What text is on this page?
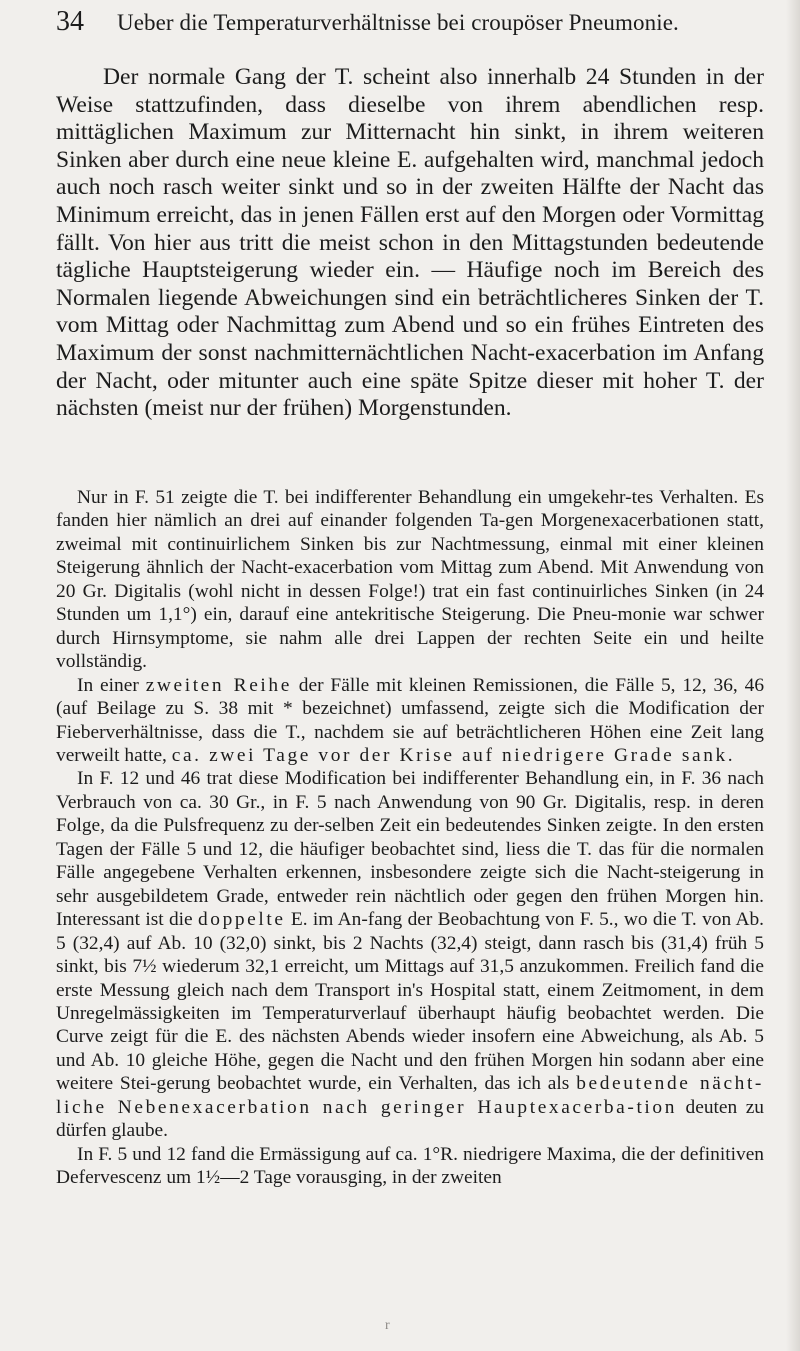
34 Ueber die Temperaturverhältnisse bei croupöser Pneumonie.

Der normale Gang der T. scheint also innerhalb 24 Stunden in der Weise stattzufinden, dass dieselbe von ihrem abendlichen resp. mittäglichen Maximum zur Mitternacht hin sinkt, in ihrem weiteren Sinken aber durch eine neue kleine E. aufgehalten wird, manchmal jedoch auch noch rasch weiter sinkt und so in der zweiten Hälfte der Nacht das Minimum erreicht, das in jenen Fällen erst auf den Morgen oder Vormittag fällt. Von hier aus tritt die meist schon in den Mittagstunden bedeutende tägliche Hauptsteigerung wieder ein. — Häufige noch im Bereich des Normalen liegende Abweichungen sind ein beträchtlicheres Sinken der T. vom Mittag oder Nachmittag zum Abend und so ein frühes Eintreten des Maximum der sonst nachmitternächtlichen Nacht-exacerbation im Anfang der Nacht, oder mitunter auch eine späte Spitze dieser mit hoher T. der nächsten (meist nur der frühen) Morgenstunden.

Nur in F. 51 zeigte die T. bei indifferenter Behandlung ein umgekehr-tes Verhalten. Es fanden hier nämlich an drei auf einander folgenden Ta-gen Morgenexacerbationen statt, zweimal mit continuirlichem Sinken bis zur Nachtmessung, einmal mit einer kleinen Steigerung ähnlich der Nacht-exacerbation vom Mittag zum Abend. Mit Anwendung von 20 Gr. Digitalis (wohl nicht in dessen Folge!) trat ein fast continuirliches Sinken (in 24 Stunden um 1,1°) ein, darauf eine antekritische Steigerung. Die Pneu-monie war schwer durch Hirnsymptome, sie nahm alle drei Lappen der rechten Seite ein und heilte vollständig.

In einer zweiten Reihe der Fälle mit kleinen Remissionen, die Fälle 5, 12, 36, 46 (auf Beilage zu S. 38 mit * bezeichnet) umfassend, zeigte sich die Modification der Fieberverhältnisse, dass die T., nachdem sie auf beträchtlicheren Höhen eine Zeit lang verweilt hatte, ca. zwei Tage vor der Krise auf niedrigere Grade sank.

In F. 12 und 46 trat diese Modification bei indifferenter Behandlung ein, in F. 36 nach Verbrauch von ca. 30 Gr., in F. 5 nach Anwendung von 90 Gr. Digitalis, resp. in deren Folge, da die Pulsfrequenz zu der-selben Zeit ein bedeutendes Sinken zeigte. In den ersten Tagen der Fälle 5 und 12, die häufiger beobachtet sind, liess die T. das für die normalen Fälle angegebene Verhalten erkennen, insbesondere zeigte sich die Nacht-steigerung in sehr ausgebildetem Grade, entweder rein nächtlich oder gegen den frühen Morgen hin. Interessant ist die doppelte E. im An-fang der Beobachtung von F. 5., wo die T. von Ab. 5 (32,4) auf Ab. 10 (32,0) sinkt, bis 2 Nachts (32,4) steigt, dann rasch bis (31,4) früh 5 sinkt, bis 7½ wiederum 32,1 erreicht, um Mittags auf 31,5 anzukommen. Freilich fand die erste Messung gleich nach dem Transport in's Hospital statt, einem Zeitmoment, in dem Unregelmässigkeiten im Temperaturverlauf überhaupt häufig beobachtet werden. Die Curve zeigt für die E. des nächsten Abends wieder insofern eine Abweichung, als Ab. 5 und Ab. 10 gleiche Höhe, gegen die Nacht und den frühen Morgen hin sodann aber eine weitere Stei-gerung beobachtet wurde, ein Verhalten, das ich als bedeutende nächt-liche Nebenexacerbation nach geringer Hauptexacerba-tion deuten zu dürfen glaube.

In F. 5 und 12 fand die Ermässigung auf ca. 1°R. niedrigere Maxima, die der definitiven Defervescenz um 1½—2 Tage vorausging, in der zweiten

r
